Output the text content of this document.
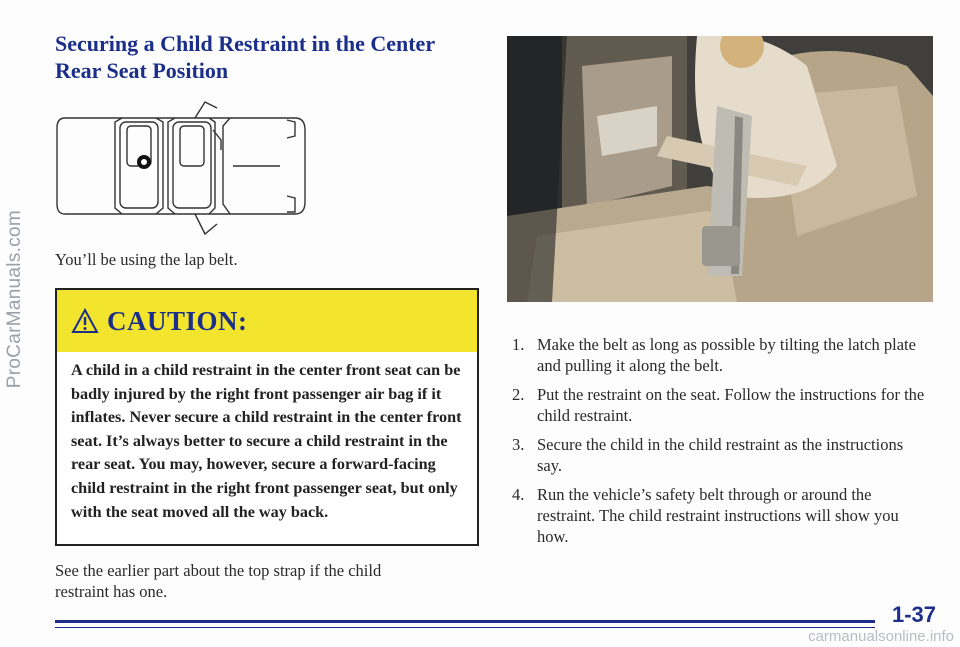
ProCarManuals.com
Securing a Child Restraint in the Center Rear Seat Position
You’ll be using the lap belt.
CAUTION:
A child in a child restraint in the center front seat can be badly injured by the right front passenger air bag if it inflates. Never secure a child restraint in the center front seat. It’s always better to secure a child restraint in the rear seat. You may, however, secure a forward-facing child restraint in the right front passenger seat, but only with the seat moved all the way back.
See the earlier part about the top strap if the child restraint has one.
1. Make the belt as long as possible by tilting the latch plate and pulling it along the belt.
2. Put the restraint on the seat. Follow the instructions for the child restraint.
3. Secure the child in the child restraint as the instructions say.
4. Run the vehicle’s safety belt through or around the restraint. The child restraint instructions will show you how.
1-37
carmanualsonline.info
